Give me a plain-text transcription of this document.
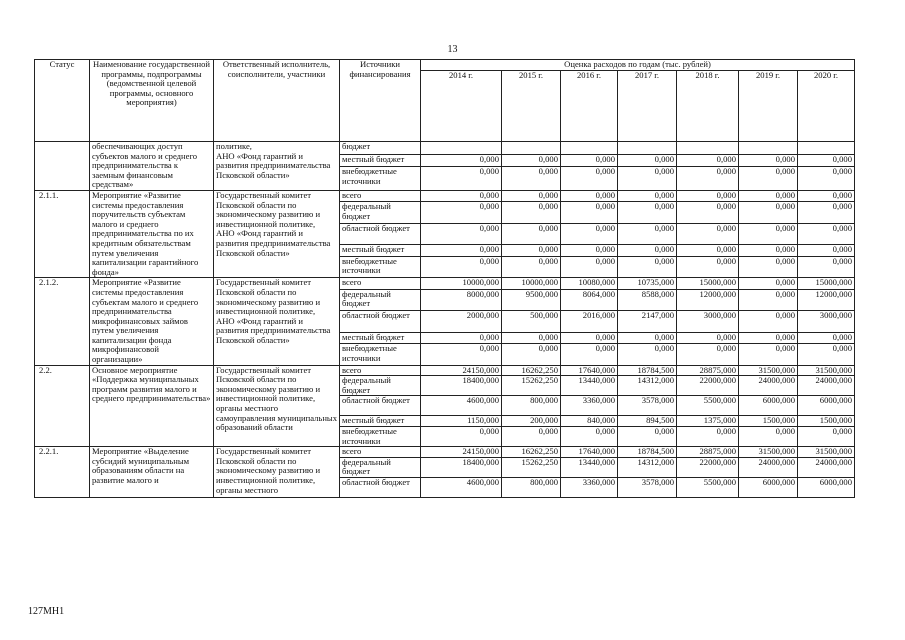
13
Статус	Наименование государственной программы, подпрограммы (ведомственной целевой программы, основного мероприятия)	Ответственный исполнитель, соисполнители, участники	Источники финансирования	Оценка расходов по годам (тыс. рублей)						
				2014 г.	2015 г.	2016 г.	2017 г.	2018 г.	2019 г.	2020 г.
	обеспечивающих доступ субъектов малого и среднего предпринимательства к заемным финансовым средствам»	политике,
АНО «Фонд гарантий и развития предпринимательства Псковской области»	бюджет							
			местный бюджет	0,000	0,000	0,000	0,000	0,000	0,000	0,000
			внебюджетные источники	0,000	0,000	0,000	0,000	0,000	0,000	0,000
2.1.1.	Мероприятие «Развитие системы предоставления поручительств субъектам малого и среднего предпринимательства по их кредитным обязательствам путем увеличения капитализации гарантийного фонда»	Государственный комитет Псковской области по экономическому развитию и инвестиционной политике,
АНО «Фонд гарантий и развития предпринимательства Псковской области»	всего	0,000	0,000	0,000	0,000	0,000	0,000	0,000
			федеральный бюджет	0,000	0,000	0,000	0,000	0,000	0,000	0,000
			областной бюджет	0,000	0,000	0,000	0,000	0,000	0,000	0,000
			местный бюджет	0,000	0,000	0,000	0,000	0,000	0,000	0,000
			внебюджетные источники	0,000	0,000	0,000	0,000	0,000	0,000	0,000
2.1.2.	Мероприятие «Развитие системы предоставления субъектам малого и среднего предпринимательства микрофинансовых займов путем увеличения капитализации фонда микрофинансовой организации»	Государственный комитет Псковской области по экономическому развитию и инвестиционной политике,
АНО «Фонд гарантий и развития предпринимательства Псковской области»	всего	10000,000	10000,000	10080,000	10735,000	15000,000	0,000	15000,000
			федеральный бюджет	8000,000	9500,000	8064,000	8588,000	12000,000	0,000	12000,000
			областной бюджет	2000,000	500,000	2016,000	2147,000	3000,000	0,000	3000,000
			местный бюджет	0,000	0,000	0,000	0,000	0,000	0,000	0,000
			внебюджетные источники	0,000	0,000	0,000	0,000	0,000	0,000	0,000
2.2.	Основное мероприятие «Поддержка муниципальных программ развития малого и среднего предпринимательства»	Государственный комитет Псковской области по экономическому развитию и инвестиционной политике, органы местного самоуправления муниципальных образований области	всего	24150,000	16262,250	17640,000	18784,500	28875,000	31500,000	31500,000
			федеральный бюджет	18400,000	15262,250	13440,000	14312,000	22000,000	24000,000	24000,000
			областной бюджет	4600,000	800,000	3360,000	3578,000	5500,000	6000,000	6000,000
			местный бюджет	1150,000	200,000	840,000	894,500	1375,000	1500,000	1500,000
			внебюджетные источники	0,000	0,000	0,000	0,000	0,000	0,000	0,000
2.2.1.	Мероприятие «Выделение субсидий муниципальным образованиям области на развитие малого и	Государственный комитет Псковской области по экономическому развитию и инвестиционной политике, органы местного	всего	24150,000	16262,250	17640,000	18784,500	28875,000	31500,000	31500,000
			федеральный бюджет	18400,000	15262,250	13440,000	14312,000	22000,000	24000,000	24000,000
			областной бюджет	4600,000	800,000	3360,000	3578,000	5500,000	6000,000	6000,000
127МН1
